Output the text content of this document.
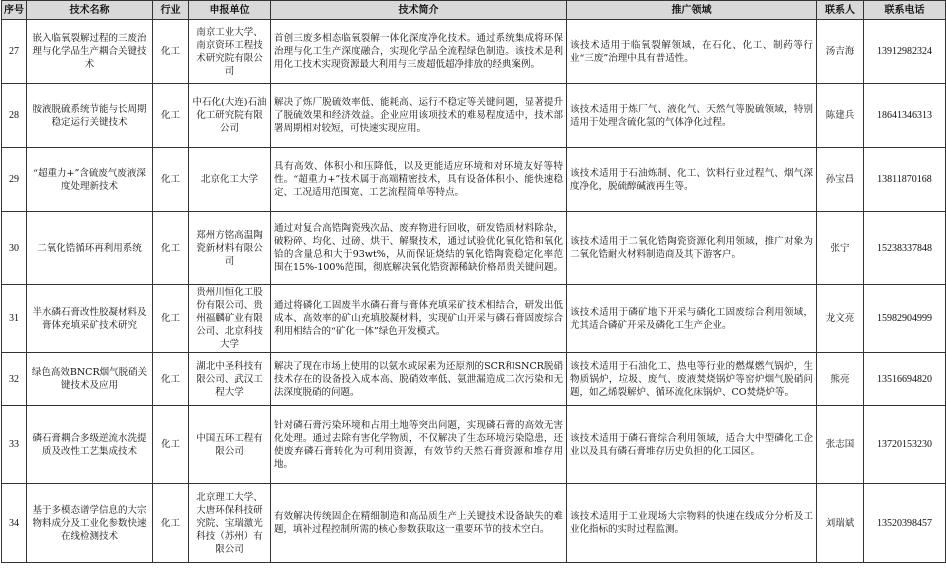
序号	技术名称	行业	申报单位	技术简介	推广领域	联系人	联系电话
27	嵌入临氧裂解过程的三废治理与化学品生产耦合关键技术	化工	南京工业大学、南京资环工程技术研究院有限公司	首创三废多相态临氧裂解一体化深度净化技术。通过系统集成将环保治理与化工生产深度融合，实现化学品全流程绿色制造。该技术是利用化工技术实现资源最大利用与三废超低超净排放的经典案例。	该技术适用于临氧裂解领域，在石化、化工、制药等行业“三废”治理中具有普适性。	汤吉海	13912982324
28	胺液脱硫系统节能与长周期稳定运行关键技术	化工	中石化(大连)石油化工研究院有限公司	解决了炼厂脱硫效率低、能耗高、运行不稳定等关键问题，显著提升了脱硫效果和经济效益。企业应用该项技术的难易程度适中，技术部署周期相对较短，可快速实现应用。	该技术适用于炼厂气、液化气、天然气等脱硫领域，特别适用于处理含硫化氢的气体净化过程。	陈建兵	18641346313
29	“超重力+”含硫废气废液深度处理新技术	化工	北京化工大学	具有高效、体积小和压降低，以及更能适应环境和对环境友好等特性。“超重力+”技术属于高端精密技术，具有设备体积小、能快速稳定、工况适用范围宽、工艺流程简单等特点。	该技术适用于石油炼制、化工、饮料行业过程气、烟气深度净化，脱硫醇碱液再生等。	孙宝昌	13811870168
30	二氧化锆循环再利用系统	化工	郑州方铭高温陶瓷新材料有限公司	通过对复合高锆陶瓷残次品、废弃物进行回收，研发锆质材料除杂，破粉碎、均化、过磅、烘干、解聚技术，通过试验优化氧化锆和氧化铪的含量总和大于93wt%，从而保证烧结的氧化锆陶瓷稳定化率范围在15%-100%范围，彻底解决氧化锆资源稀缺价格昂贵关键问题。	该技术适用于二氧化锆陶瓷资源化利用领域，推广对象为二氧化锆耐火材料制造商及其下游客户。	张宁	15238337848
31	半水磷石膏改性胶凝材料及膏体充填采矿技术研究	化工	贵州川恒化工股份有限公司、贵州福麟矿业有限公司、北京科技大学	通过将磷化工固废半水磷石膏与膏体充填采矿技术相结合，研发出低成本、高效率的矿山充填胶凝材料，实现矿山开采与磷石膏固废综合利用相结合的“矿化一体”绿色开发模式。	该技术适用于磷矿地下开采与磷化工固废综合利用领域，尤其适合磷矿开采及磷化工生产企业。	龙文亮	15982904999
32	绿色高效BNCR烟气脱硝关键技术及应用	化工	湖北中圣科技有限公司、武汉工程大学	解决了现在市场上使用的以氨水或尿素为还原剂的SCR和SNCR脱硝技术存在的设备投入成本高、脱硝效率低、氨泄漏造成二次污染和无法深度脱硝的问题。	该技术适用于石油化工、热电等行业的燃煤燃气锅炉，生物质锅炉，垃圾、废气、废液焚烧锅炉等窑炉烟气脱硝问题，如乙烯裂解炉、循环流化床锅炉、CO焚烧炉等。	熊亮	13516694820
33	磷石膏耦合多级逆流水洗提质及改性工艺集成技术	化工	中国五环工程有限公司	针对磷石膏污染环境和占用土地等突出问题，实现磷石膏的高效无害化处理。通过去除有害化学物质，不仅解决了生态环境污染隐患，还使废弃磷石膏转化为可利用资源，有效节约天然石膏资源和堆存用地。	该技术适用于磷石膏综合利用领域，适合大中型磷化工企业以及具有磷石膏堆存历史负担的化工园区。	张志国	13720153230
34	基于多模态谱学信息的大宗物料成分及工业化参数快速在线检测技术	化工	北京理工大学、大唐环保科技研究院、宝瑞激光科技（苏州）有限公司	有效解决传统固企在精细制造和高品质生产上关键技术设备缺失的难题，填补过程控制所需的核心参数获取这一重要环节的技术空白。	该技术适用于工业现场大宗物料的快速在线成分分析及工业化指标的实时过程监测。	刘瑞斌	13520398457
